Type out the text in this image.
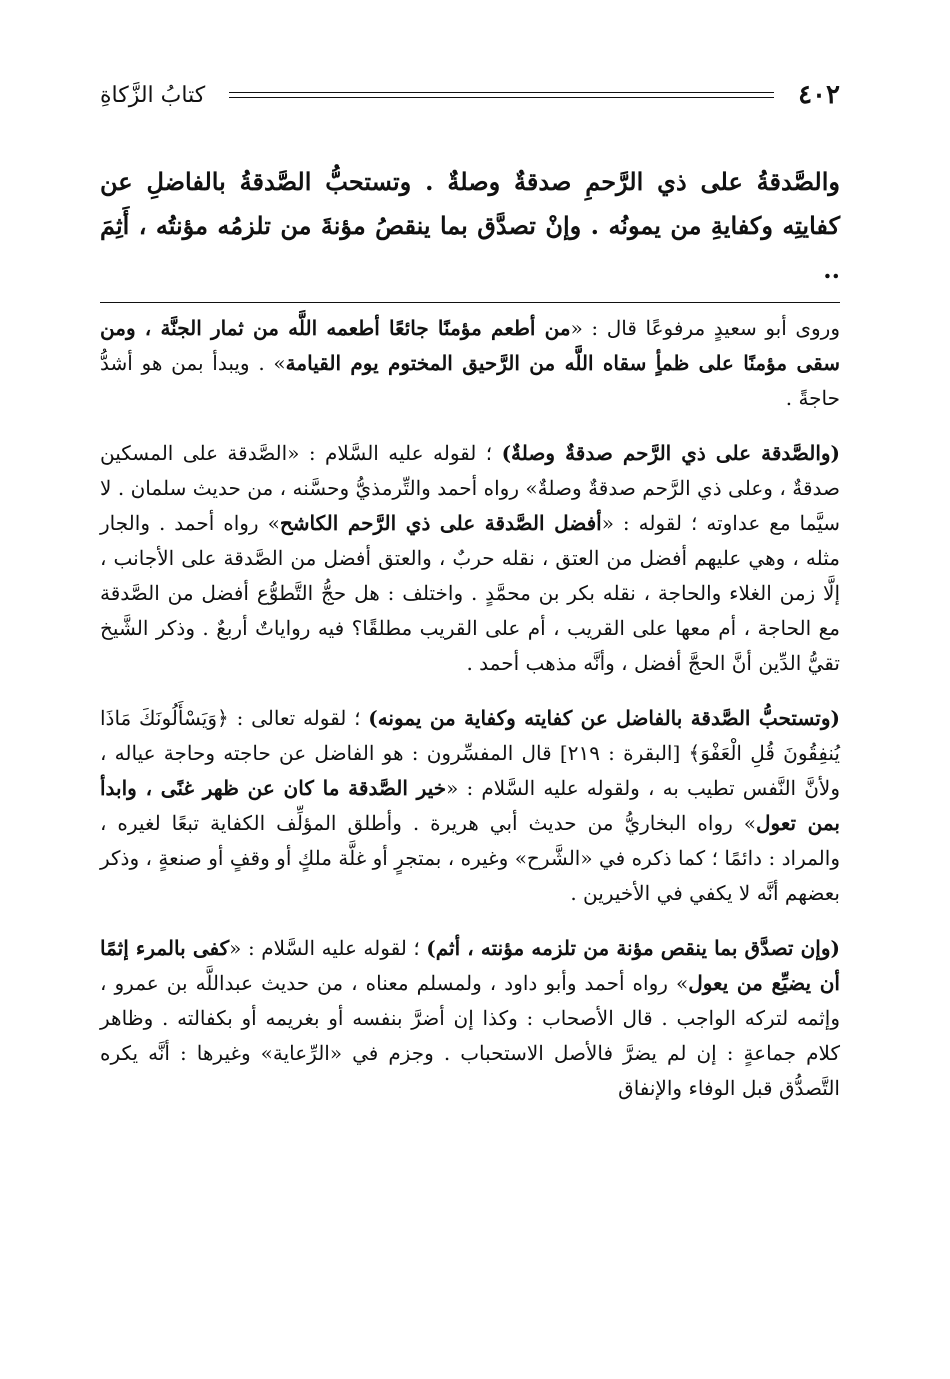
٤٠٢
كتابُ الزَّكاةِ
والصَّدقةُ على ذي الرَّحمِ صدقةٌ وصلةٌ . وتستحبُّ الصَّدقةُ بالفاضلِ عن كفايتِه وكفايةِ من يمونُه . وإنْ تصدَّق بما ينقصُ مؤنةَ من تلزمُه مؤنتُه ، أَثِمَ ..

وروى أبو سعيدٍ مرفوعًا قال : «من أطعم مؤمنًا جائعًا أطعمه اللَّه من ثمار الجنَّة ، ومن سقى مؤمنًا على ظمأٍ سقاه اللَّه من الرَّحيق المختوم يوم القيامة» . ويبدأ بمن هو أشدُّ حاجةً .

(والصَّدقة على ذي الرَّحم صدقةٌ وصلةٌ) ؛ لقوله عليه السَّلام : «الصَّدقة على المسكين صدقةٌ ، وعلى ذي الرَّحم صدقةٌ وصلةٌ» رواه أحمد والتِّرمذيُّ وحسَّنه ، من حديث سلمان . لا سيَّما مع عداوته ؛ لقوله : «أفضل الصَّدقة على ذي الرَّحم الكاشح» رواه أحمد . والجار مثله ، وهي عليهم أفضل من العتق ، نقله حربٌ ، والعتق أفضل من الصَّدقة على الأجانب ، إلَّا زمن الغلاء والحاجة ، نقله بكر بن محمَّدٍ . واختلف : هل حجُّ التَّطوُّع أفضل من الصَّدقة مع الحاجة ، أم معها على القريب ، أم على القريب مطلقًا؟ فيه رواياتٌ أربعٌ . وذكر الشَّيخ تقيُّ الدِّين أنَّ الحجَّ أفضل ، وأنَّه مذهب أحمد .

(وتستحبُّ الصَّدقة بالفاضل عن كفايته وكفاية من يمونه) ؛ لقوله تعالى : ﴿وَيَسْأَلُونَكَ مَاذَا يُنفِقُونَ قُلِ الْعَفْوَ﴾ [البقرة : ٢١٩] قال المفسِّرون : هو الفاضل عن حاجته وحاجة عياله ، ولأنَّ النَّفس تطيب به ، ولقوله عليه السَّلام : «خير الصَّدقة ما كان عن ظهر غنًى ، وابدأ بمن تعول» رواه البخاريُّ من حديث أبي هريرة . وأطلق المؤلِّف الكفاية تبعًا لغيره ، والمراد : دائمًا ؛ كما ذكره في «الشَّرح» وغيره ، بمتجرٍ أو غلَّة ملكٍ أو وقفٍ أو صنعةٍ ، وذكر بعضهم أنَّه لا يكفي في الأخيرين .

(وإن تصدَّق بما ينقص مؤنة من تلزمه مؤنته ، أثم) ؛ لقوله عليه السَّلام : «كفى بالمرء إثمًا أن يضيِّع من يعول» رواه أحمد وأبو داود ، ولمسلم معناه ، من حديث عبداللَّه بن عمرو ، وإثمه لتركه الواجب . قال الأصحاب : وكذا إن أضرَّ بنفسه أو بغريمه أو بكفالته . وظاهر كلام جماعةٍ : إن لم يضرَّ فالأصل الاستحباب . وجزم في «الرِّعاية» وغيرها : أنَّه يكره التَّصدُّق قبل الوفاء والإنفاق
